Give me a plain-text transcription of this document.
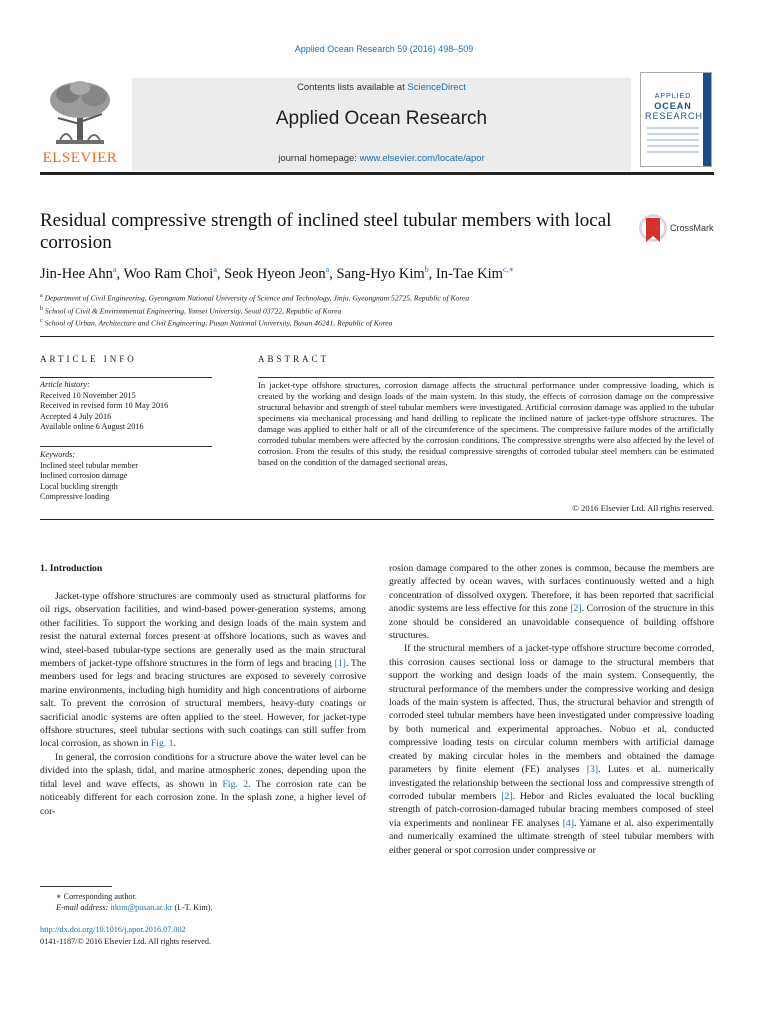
Applied Ocean Research 59 (2016) 498–509
ELSEVIER
Contents lists available at ScienceDirect
Applied Ocean Research
journal homepage: www.elsevier.com/locate/apor
APPLIED
OCEAN
RESEARCH
Residual compressive strength of inclined steel tubular members with local corrosion
CrossMark
Jin-Hee Ahn$^a$, Woo Ram Choi$^a$, Seok Hyeon Jeon$^a$, Sang-Hyo Kim$^b$, In-Tae Kim$^{c,∗}$
$^a$ Department of Civil Engineering, Gyeongnam National University of Science and Technology, Jinju, Gyeongnam 52725, Republic of Korea
$^b$ School of Civil & Environmental Engineering, Yonsei University, Seoul 03722, Republic of Korea
$^c$ School of Urban, Architecture and Civil Engineering, Pusan National University, Busan 46241, Republic of Korea
ARTICLE INFO	ABSTRACT
Article history:
Received 10 November 2015
Received in revised form 10 May 2016
Accepted 4 July 2016
Available online 6 August 2016
Keywords:
Inclined steel tubular member
Inclined corrosion damage
Local buckling strength
Compressive loading
In jacket-type offshore structures, corrosion damage affects the structural performance under compressive loading, which is created by the working and design loads of the main system. In this study, the effects of corrosion damage on the compressive structural behavior and strength of steel tubular members were investigated. Artificial corrosion damage was applied to the tubular specimens via mechanical processing and hand drilling to replicate the inclined nature of jacket-type offshore structures. The damage was applied to either half or all of the circumference of the specimens. The compressive failure modes of the artificially corroded tubular members were affected by the corrosion conditions. The compressive strengths were also affected by the level of corrosion. From the results of this study, the residual compressive strengths of corroded tubular steel members can be estimated based on the condition of the damaged sectional areas.
© 2016 Elsevier Ltd. All rights reserved.
1. Introduction

Jacket-type offshore structures are commonly used as structural platforms for oil rigs, observation facilities, and wind-based power-generation systems, among other facilities. To support the working and design loads of the main system and resist the natural external forces present at offshore locations, such as waves and wind, steel-based tubular-type sections are generally used as the main structural members of jacket-type offshore structures in the form of legs and bracing [1]. The members used for legs and bracing structures are exposed to severely corrosive marine environments, including high humidity and high concentrations of airborne salt. To prevent the corrosion of structural members, heavy-duty coatings or sacrificial anodic systems are often applied to the steel. However, for jacket-type offshore structures, steel tubular sections with such coatings can still suffer from local corrosion, as shown in Fig. 1.

In general, the corrosion conditions for a structure above the water level can be divided into the splash, tidal, and marine atmospheric zones, depending upon the tidal level and wave effects, as shown in Fig. 2. The corrosion rate can be noticeably different for each corrosion zone. In the splash zone, a higher level of cor-

rosion damage compared to the other zones is common, because the members are greatly affected by ocean waves, with surfaces continuously wetted and a high concentration of dissolved oxygen. Therefore, it has been reported that sacrificial anodic systems are less effective for this zone [2]. Corrosion of the structure in this zone should be considered an unavoidable consequence of building offshore structures.

If the structural members of a jacket-type offshore structure become corroded, this corrosion causes sectional loss or damage to the structural members that support the working and design loads of the main system. Consequently, the structural performance of the members under the compressive working and design loads of the main system is affected. Thus, the structural behavior and strength of corroded steel tubular members have been investigated under compressive loading by both numerical and experimental approaches. Nobuo et al. conducted compressive loading tests on circular column members with artificial damage created by making circular holes in the members and obtained the damage parameters by finite element (FE) analyses [3]. Lutes et al. numerically investigated the relationship between the sectional loss and compressive strength of corroded tubular members [2]. Hebor and Ricles evaluated the local buckling strength of patch-corrosion-damaged tubular bracing members composed of steel via experiments and nonlinear FE analyses [4]. Yamane et al. also experimentally and numerically examined the ultimate strength of steel tubular members with either general or spot corrosion under compressive or

∗ Corresponding author.
E-mail address: itkim@pusan.ac.kr (I.-T. Kim).
http://dx.doi.org/10.1016/j.apor.2016.07.002
0141-1187/© 2016 Elsevier Ltd. All rights reserved.
